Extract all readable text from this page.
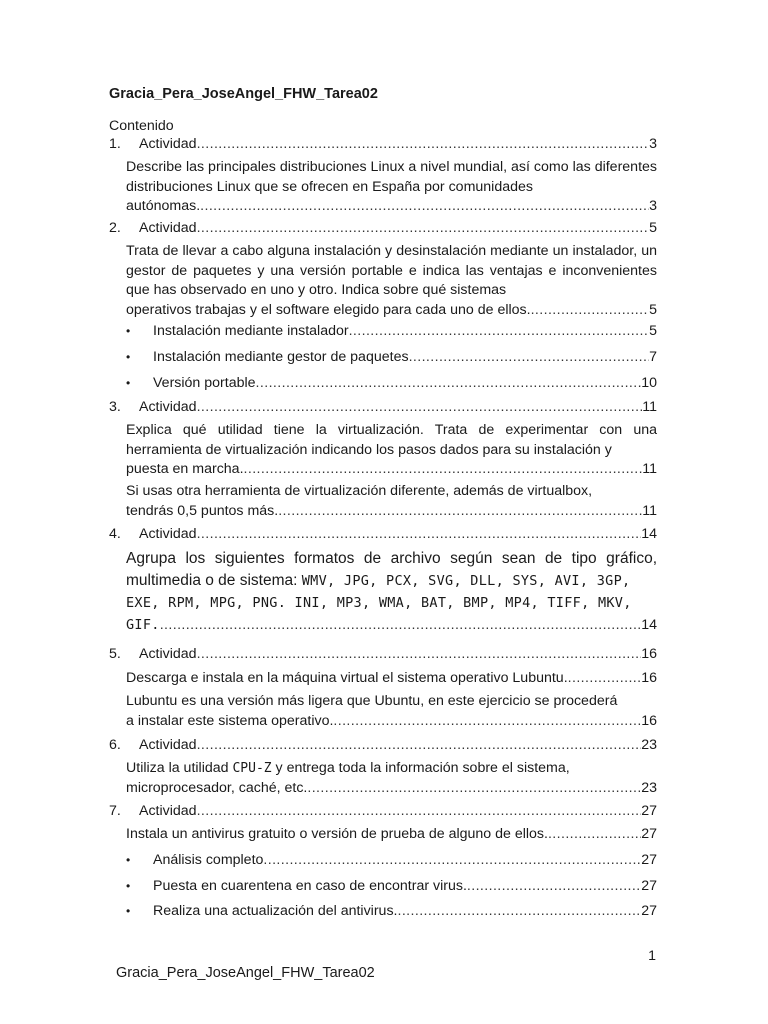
Gracia_Pera_JoseAngel_FHW_Tarea02
Contenido
1.	Actividad .....	3
Describe las principales distribuciones Linux a nivel mundial, así como las diferentes distribuciones Linux que se ofrecen en España por comunidades
autónomas. .....	3
2.	Actividad .....	5
Trata de llevar a cabo alguna instalación y desinstalación mediante un instalador, un gestor de paquetes y una versión portable e indica las ventajas e inconvenientes que has observado en uno y otro. Indica sobre qué sistemas
operativos trabajas y el software elegido para cada uno de ellos. .....	5
•	Instalación mediante instalador .....	5
•	Instalación mediante gestor de paquetes .....	7
•	Versión portable .....	10
3.	Actividad .....	11
Explica qué utilidad tiene la virtualización. Trata de experimentar con una herramienta de virtualización indicando los pasos dados para su instalación y
puesta en marcha. .....	11
Si usas otra herramienta de virtualización diferente, además de virtualbox,
tendrás 0,5 puntos más. .....	11
4.	Actividad .....	14
Agrupa los siguientes formatos de archivo según sean de tipo gráfico, multimedia o de sistema: WMV, JPG, PCX, SVG, DLL, SYS, AVI, 3GP,
EXE, RPM, MPG, PNG. INI, MP3, WMA, BAT, BMP, MP4, TIFF, MKV,
GIF. .....	14
5.	Actividad .....	16
Descarga e instala en la máquina virtual el sistema operativo Lubuntu. .....	16
Lubuntu es una versión más ligera que Ubuntu, en este ejercicio se procederá
a instalar este sistema operativo. .....	16
6.	Actividad .....	23
Utiliza la utilidad CPU-Z y entrega toda la información sobre el sistema,
microprocesador, caché, etc. .....	23
7.	Actividad .....	27
Instala un antivirus gratuito o versión de prueba de alguno de ellos. .....	27
•	Análisis completo .....	27
•	Puesta en cuarentena en caso de encontrar virus. .....	27
•	Realiza una actualización del antivirus. .....	27
1
Gracia_Pera_JoseAngel_FHW_Tarea02
